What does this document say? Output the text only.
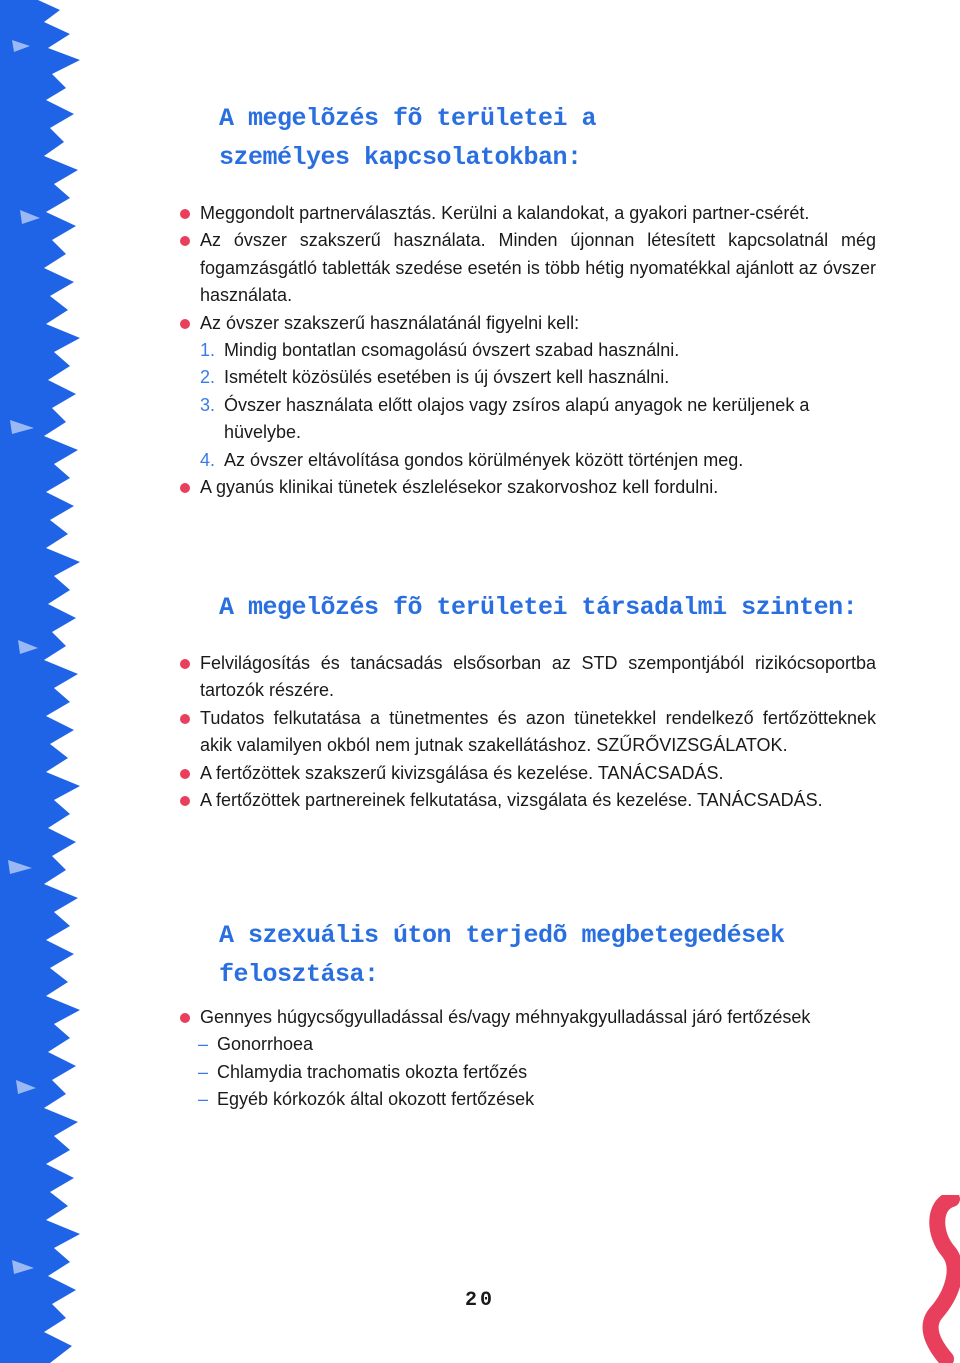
A megelõzés fõ területei a
személyes kapcsolatokban:
Meggondolt partnerválasztás. Kerülni a kalandokat, a gyakori partner-csérét.
Az óvszer szakszerű használata. Minden újonnan létesített kapcsolatnál még fogamzásgátló tabletták szedése esetén is több hétig nyomatékkal ajánlott az óvszer használata.
Az óvszer szakszerű használatánál figyelni kell:
1. Mindig bontatlan csomagolású óvszert szabad használni.
2. Ismételt közösülés esetében is új óvszert kell használni.
3. Óvszer használata előtt olajos vagy zsíros alapú anyagok ne kerüljenek a hüvelybe.
4. Az óvszer eltávolítása gondos körülmények között történjen meg.
A gyanús klinikai tünetek észlelésekor szakorvoshoz kell fordulni.
A megelõzés fõ területei társadalmi szinten:
Felvilágosítás és tanácsadás elsősorban az STD szempontjából rizikócsoportba tartozók részére.
Tudatos felkutatása a tünetmentes és azon tünetekkel rendelkező fertőzötteknek akik valamilyen okból nem jutnak szakellátáshoz. SZŰRŐVIZSGÁLATOK.
A fertőzöttek szakszerű kivizsgálása és kezelése. TANÁCSADÁS.
A fertőzöttek partnereinek felkutatása, vizsgálata és kezelése. TANÁCSADÁS.
A szexuális úton terjedõ megbetegedések
felosztása:
Gennyes húgycsőgyulladással és/vagy méhnyakgyulladással járó fertőzések
– Gonorrhoea
– Chlamydia trachomatis okozta fertőzés
– Egyéb kórkozók által okozott fertőzések
20
